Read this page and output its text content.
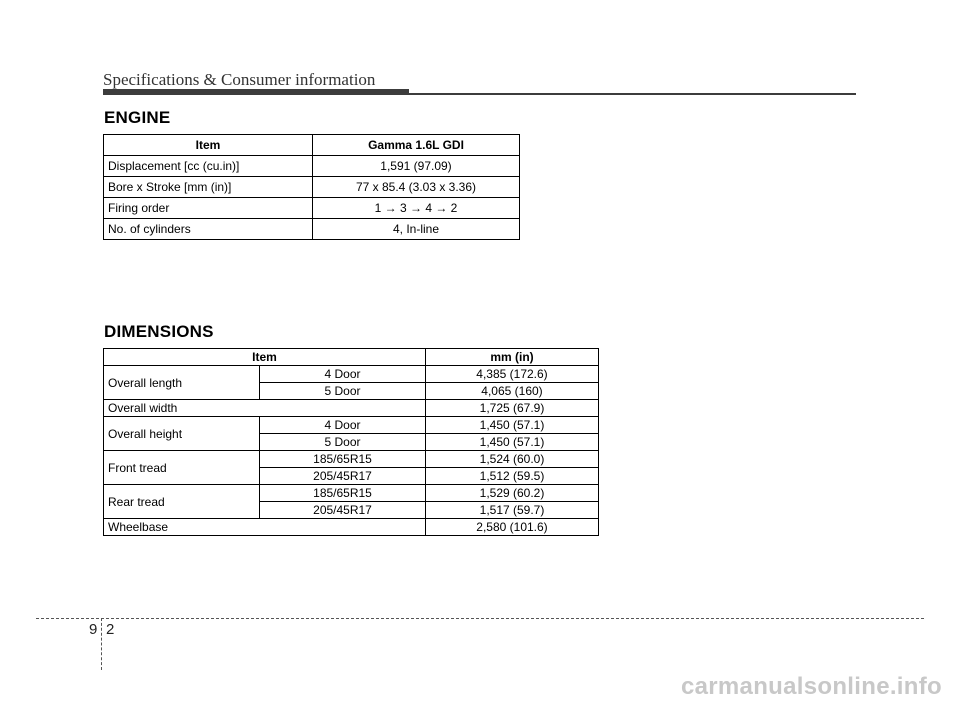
Specifications & Consumer information
ENGINE
Item	Gamma 1.6L GDI
Displacement [cc (cu.in)]	1,591 (97.09)
Bore x Stroke [mm (in)]	77 x 85.4 (3.03 x 3.36)
Firing order	1 → 3 → 4 → 2
No. of cylinders	4, In-line
DIMENSIONS
Item		mm (in)
Overall length	4 Door	4,385 (172.6)
	5 Door	4,065 (160)
Overall width		1,725 (67.9)
Overall height	4 Door	1,450 (57.1)
	5 Door	1,450 (57.1)
Front tread	185/65R15	1,524 (60.0)
	205/45R17	1,512 (59.5)
Rear tread	185/65R15	1,529 (60.2)
	205/45R17	1,517 (59.7)
Wheelbase		2,580 (101.6)
9 2
carmanualsonline.info
